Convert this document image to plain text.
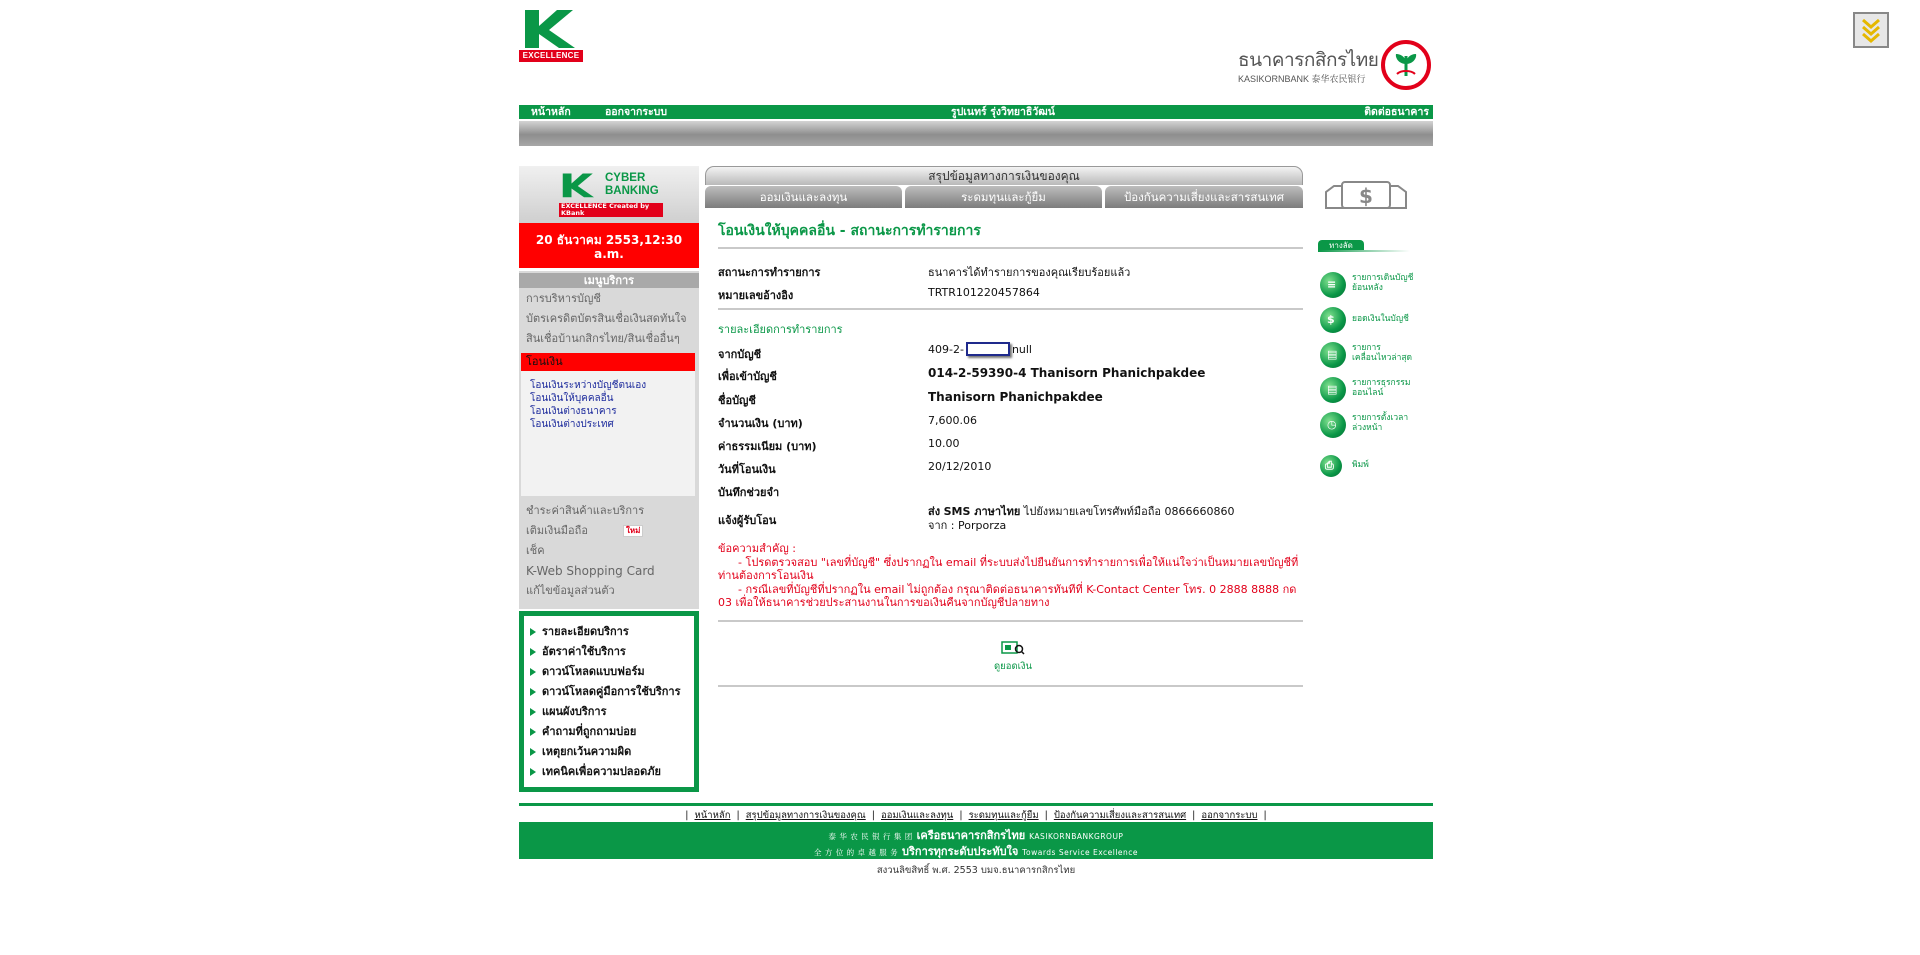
EXCELLENCE	ธนาคารกสิกรไทย
KASIKORNBANK 泰华农民银行
หน้าหลัก	ออกจากระบบ	รูปเนทร์ รุ่งวิทยาธิวัฒน์	ติดต่อธนาคาร
CYBER
BANKING
EXCELLENCE Created by KBank
20 ธันวาคม 2553,12:30 a.m.
เมนูบริการ
การบริหารบัญชี
บัตรเครดิตบัตรสินเชื่อเงินสดทันใจ
สินเชื่อบ้านกสิกรไทย/สินเชื่ออื่นๆ
โอนเงิน
โอนเงินระหว่างบัญชีตนเอง
โอนเงินให้บุคคลอื่น
โอนเงินต่างธนาคาร
โอนเงินต่างประเทศ
ชำระค่าสินค้าและบริการ
เติมเงินมือถือ	ใหม่
เช็ค
K-Web Shopping Card
แก้ไขข้อมูลส่วนตัว
รายละเอียดบริการ
อัตราค่าใช้บริการ
ดาวน์โหลดแบบฟอร์ม
ดาวน์โหลดคู่มือการใช้บริการ
แผนผังบริการ
คำถามที่ถูกถามบ่อย
เหตุยกเว้นความผิด
เทคนิคเพื่อความปลอดภัย
สรุปข้อมูลทางการเงินของคุณ
ออมเงินและลงทุน	ระดมทุนและกู้ยืม	ป้องกันความเสี่ยงและสารสนเทศ
โอนเงินให้บุคคลอื่น - สถานะการทำรายการ
สถานะการทำรายการ	ธนาคารได้ทำรายการของคุณเรียบร้อยแล้ว
หมายเลขอ้างอิง	TRTR101220457864
รายละเอียดการทำรายการ
จากบัญชี	409-2-	null
เพื่อเข้าบัญชี	014-2-59390-4 Thanisorn Phanichpakdee
ชื่อบัญชี	Thanisorn Phanichpakdee
จำนวนเงิน (บาท)	7,600.06
ค่าธรรมเนียม (บาท)	10.00
วันที่โอนเงิน	20/12/2010
บันทึกช่วยจำ
แจ้งผู้รับโอน
ส่ง SMS ภาษาไทย ไปยังหมายเลขโทรศัพท์มือถือ 0866660860
จาก : Porporza
ข้อความสำคัญ :
- โปรดตรวจสอบ "เลขที่บัญชี" ซึ่งปรากฏใน email ที่ระบบส่งไปยืนยันการทำรายการเพื่อให้แน่ใจว่าเป็นหมายเลขบัญชีที่ท่านต้องการโอนเงิน
- กรณีเลขที่บัญชีที่ปรากฏใน email ไม่ถูกต้อง กรุณาติดต่อธนาคารทันทีที่ K-Contact Center โทร. 0 2888 8888 กด 03 เพื่อให้ธนาคารช่วยประสานงานในการขอเงินคืนจากบัญชีปลายทาง
ดูยอดเงิน
$
ทางลัด
≡ รายการเดินบัญชีย้อนหลัง
$ ยอดเงินในบัญชี
▤ รายการเคลื่อนไหวล่าสุด
▤ รายการธุรกรรมออนไลน์
◷ รายการตั้งเวลาล่วงหน้า
⎙ พิมพ์
| หน้าหลัก | สรุปข้อมูลทางการเงินของคุณ | ออมเงินและลงทุน | ระดมทุนและกู้ยืม | ป้องกันความเสี่ยงและสารสนเทศ | ออกจากระบบ |
泰 华 农 民 银 行 集 团 เครือธนาคารกสิกรไทย KASIKORNBANKGROUP
全 方 位 的 卓 越 服 务 บริการทุกระดับประทับใจ Towards Service Excellence
สงวนลิขสิทธิ์ พ.ศ. 2553 บมจ.ธนาคารกสิกรไทย
